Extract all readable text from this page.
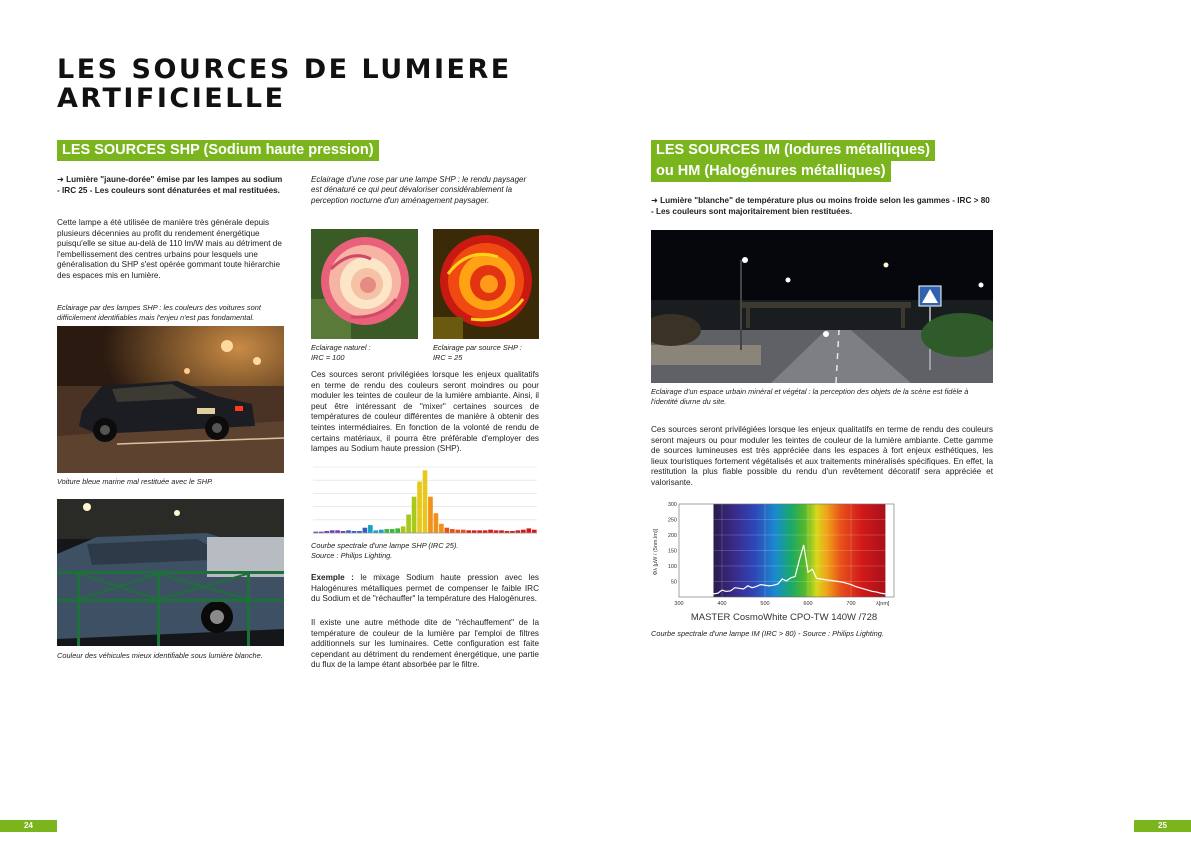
LES SOURCES DE LUMIERE
ARTIFICIELLE
LES SOURCES SHP (Sodium haute pression)
➜ Lumière "jaune-dorée" émise par les lampes au sodium - IRC 25 - Les couleurs sont dénaturées et mal restituées.
Cette lampe a été utilisée de manière très générale depuis plusieurs décennies au profit du rendement énergétique puisqu'elle se situe au-delà de 110 lm/W mais au détriment de l'embellissement des centres urbains pour lesquels une généralisation du SHP s'est opérée gommant toute hiérarchie des espaces mis en lumière.
Eclairage par des lampes SHP : les couleurs des voitures sont difficilement identifiables mais l'enjeu n'est pas fondamental.
Voiture bleue marine mal restituée avec le SHP.
Couleur des véhicules mieux identifiable sous lumière blanche.
Eclairage d'une rose par une lampe SHP : le rendu paysager est dénaturé ce qui peut dévaloriser considérablement la perception nocturne d'un aménagement paysager.
Eclairage naturel :
IRC = 100
Eclairage par source SHP :
IRC = 25
Ces sources seront privilégiées lorsque les enjeux qualitatifs en terme de rendu des couleurs seront moindres ou pour moduler les teintes de couleur de la lumière ambiante. Ainsi, il peut être intéressant de "mixer" certaines sources de températures de couleur différentes de manière à obtenir des teintes intermédiaires. En fonction de la volonté de rendu de certains matériaux, il pourra être préférable d'employer des lampes au Sodium haute pression (SHP).
Courbe spectrale d'une lampe SHP (IRC 25).
Source : Philips Lighting.
Exemple : le mixage Sodium haute pression avec les Halogénures métalliques permet de compenser le faible IRC du Sodium et de "réchauffer" la température des Halogènures.
Il existe une autre méthode dite de "réchauffement" de la température de couleur de la lumière par l'emploi de filtres additionnels sur les luminaires. Cette configuration est faite cependant au détriment du rendement énergétique, une partie du flux de la lampe étant absorbée par le filtre.
24
LES SOURCES IM (Iodures métalliques)
ou HM (Halogénures métalliques)
➜ Lumière "blanche" de température plus ou moins froide selon les gammes - IRC > 80 - Les couleurs sont majoritairement bien restituées.
Eclairage d'un espace urbain minéral et végétal : la perception des objets de la scène est fidèle à l'identité diurne du site.
Ces sources seront privilégiées lorsque les enjeux qualitatifs en terme de rendu des couleurs seront majeurs ou pour moduler les teintes de couleur de la lumière ambiante. Cette gamme de sources lumineuses est très appréciée dans les espaces à fort enjeux esthétiques, les lieux touristiques fortement végétalisés et aux traitements minéralisés spécifiques. En effet, la restitution la plus fiable possible du rendu d'un revêtement décoratif sera appréciée et valorisante.
50
100
150
200
250
300
300	400	500	600	700
Φλ [μW / (5nm.lm)]
λ[nm]
MASTER CosmoWhite CPO-TW 140W /728
Courbe spectrale d'une lampe IM (IRC > 80) - Source : Philips Lighting.
25
